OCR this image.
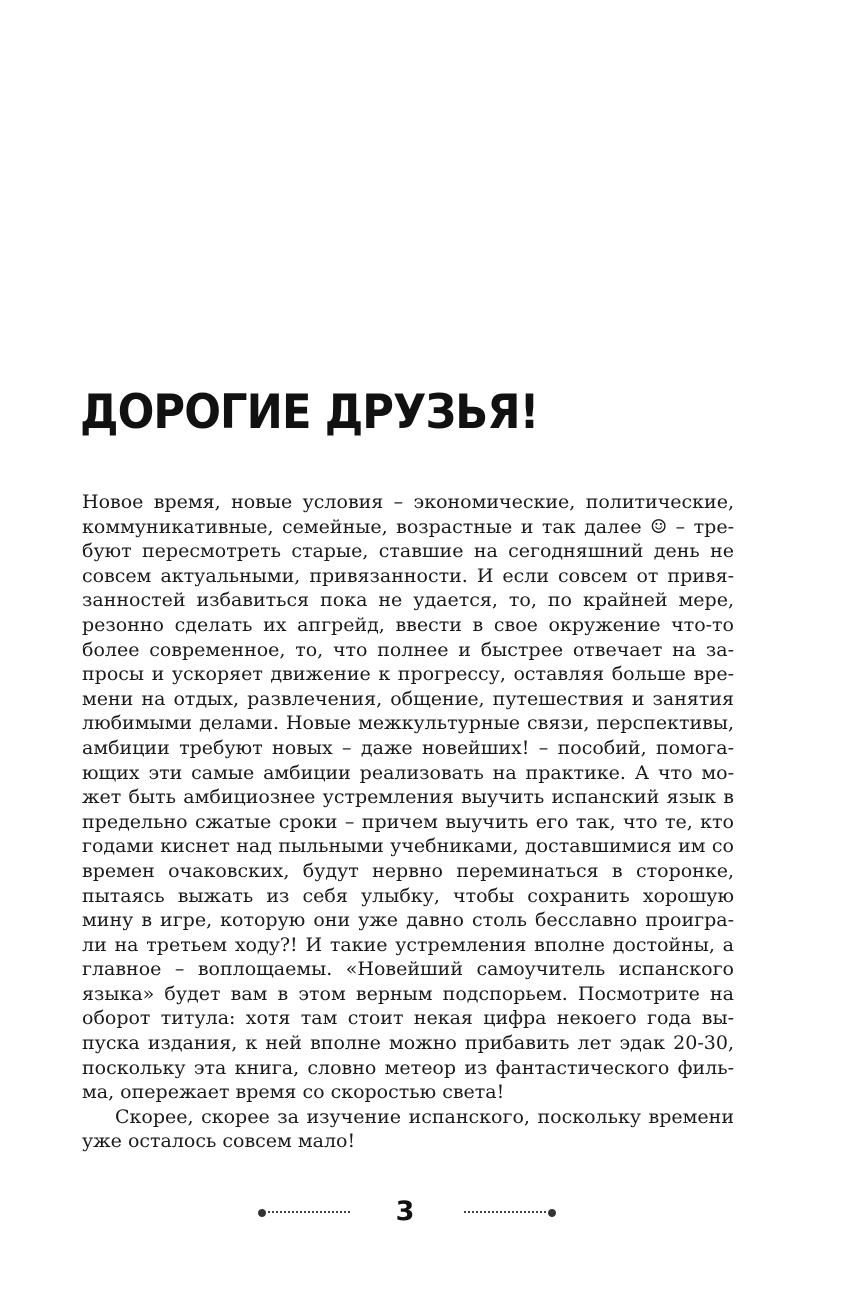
ДОРОГИЕ ДРУЗЬЯ!

Новое время, новые условия – экономические, политические, коммуникативные, семейные, возрастные и так далее ☺ – требуют пересмотреть старые, ставшие на сегодняшний день не совсем актуальными, привязанности. И если совсем от привязанностей избавиться пока не удается, то, по крайней мере, резонно сделать их апгрейд, ввести в свое окружение что-то более современное, то, что полнее и быстрее отвечает на запросы и ускоряет движение к прогрессу, оставляя больше времени на отдых, развлечения, общение, путешествия и занятия любимыми делами. Новые межкультурные связи, перспективы, амбиции требуют новых – даже новейших! – пособий, помогающих эти самые амбиции реализовать на практике. А что может быть амбициознее устремления выучить испанский язык в предельно сжатые сроки – причем выучить его так, что те, кто годами киснет над пыльными учебниками, доставшимися им со времен очаковских, будут нервно переминаться в сторонке, пытаясь выжать из себя улыбку, чтобы сохранить хорошую мину в игре, которую они уже давно столь бесславно проиграли на третьем ходу?! И такие устремления вполне достойны, а главное – воплощаемы. «Новейший самоучитель испанского языка» будет вам в этом верным подспорьем. Посмотрите на оборот титула: хотя там стоит некая цифра некоего года выпуска издания, к ней вполне можно прибавить лет эдак 20-30, поскольку эта книга, словно метеор из фантастического фильма, опережает время со скоростью света!

Скорее, скорее за изучение испанского, поскольку времени уже осталось совсем мало!

3
